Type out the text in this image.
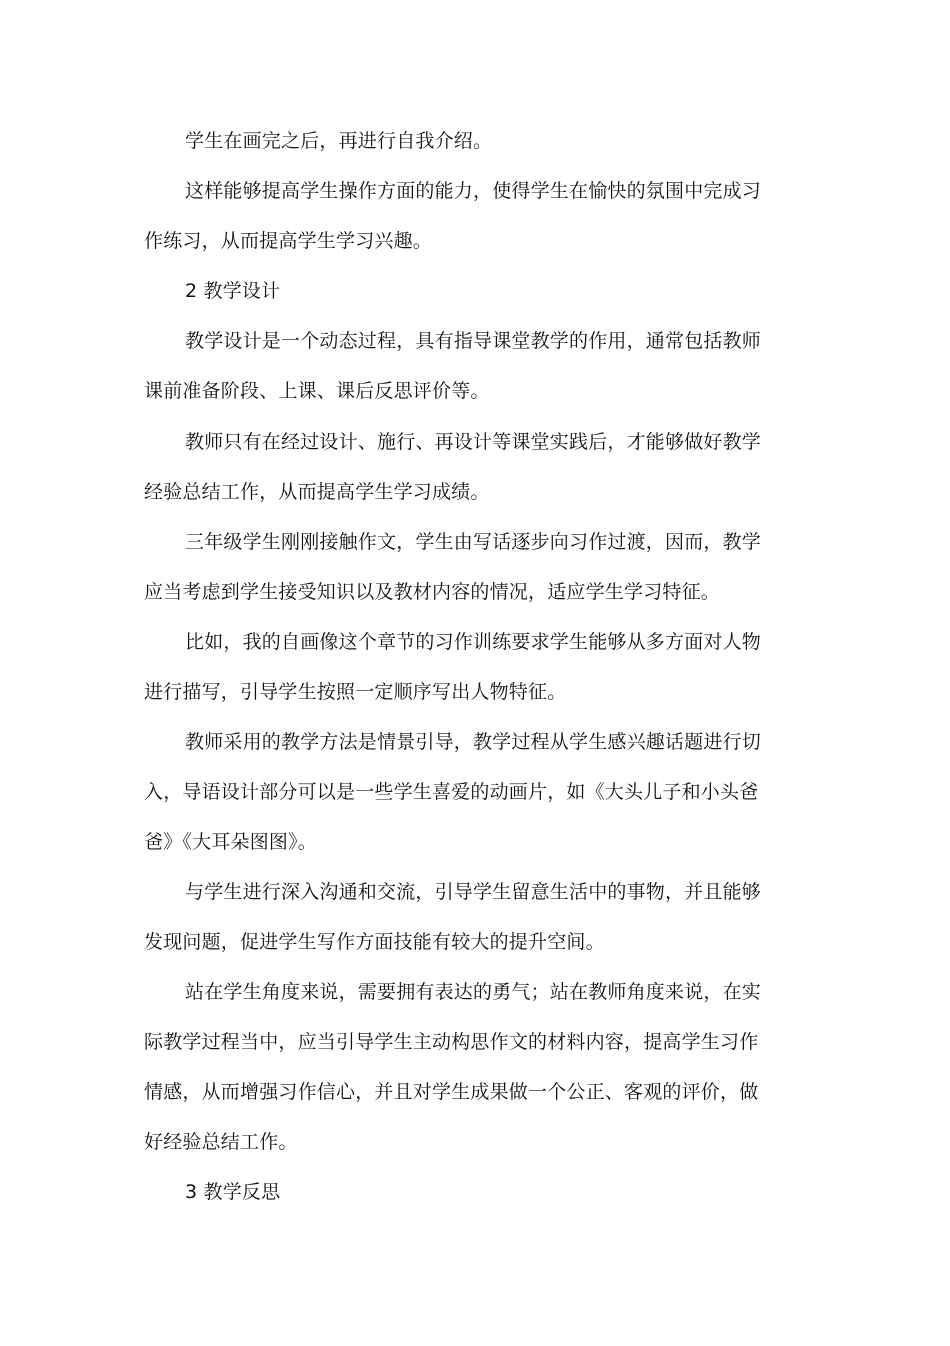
学生在画完之后，再进行自我介绍。
这样能够提高学生操作方面的能力，使得学生在愉快的氛围中完成习
作练习，从而提高学生学习兴趣。
2 教学设计
教学设计是一个动态过程，具有指导课堂教学的作用，通常包括教师
课前准备阶段、上课、课后反思评价等。
教师只有在经过设计、施行、再设计等课堂实践后，才能够做好教学
经验总结工作，从而提高学生学习成绩。
三年级学生刚刚接触作文，学生由写话逐步向习作过渡，因而，教学
应当考虑到学生接受知识以及教材内容的情况，适应学生学习特征。
比如，我的自画像这个章节的习作训练要求学生能够从多方面对人物
进行描写，引导学生按照一定顺序写出人物特征。
教师采用的教学方法是情景引导，教学过程从学生感兴趣话题进行切
入，导语设计部分可以是一些学生喜爱的动画片，如《大头儿子和小头爸
爸》《大耳朵图图》。
与学生进行深入沟通和交流，引导学生留意生活中的事物，并且能够
发现问题，促进学生写作方面技能有较大的提升空间。
站在学生角度来说，需要拥有表达的勇气；站在教师角度来说，在实
际教学过程当中，应当引导学生主动构思作文的材料内容，提高学生习作
情感，从而增强习作信心，并且对学生成果做一个公正、客观的评价，做
好经验总结工作。
3 教学反思
